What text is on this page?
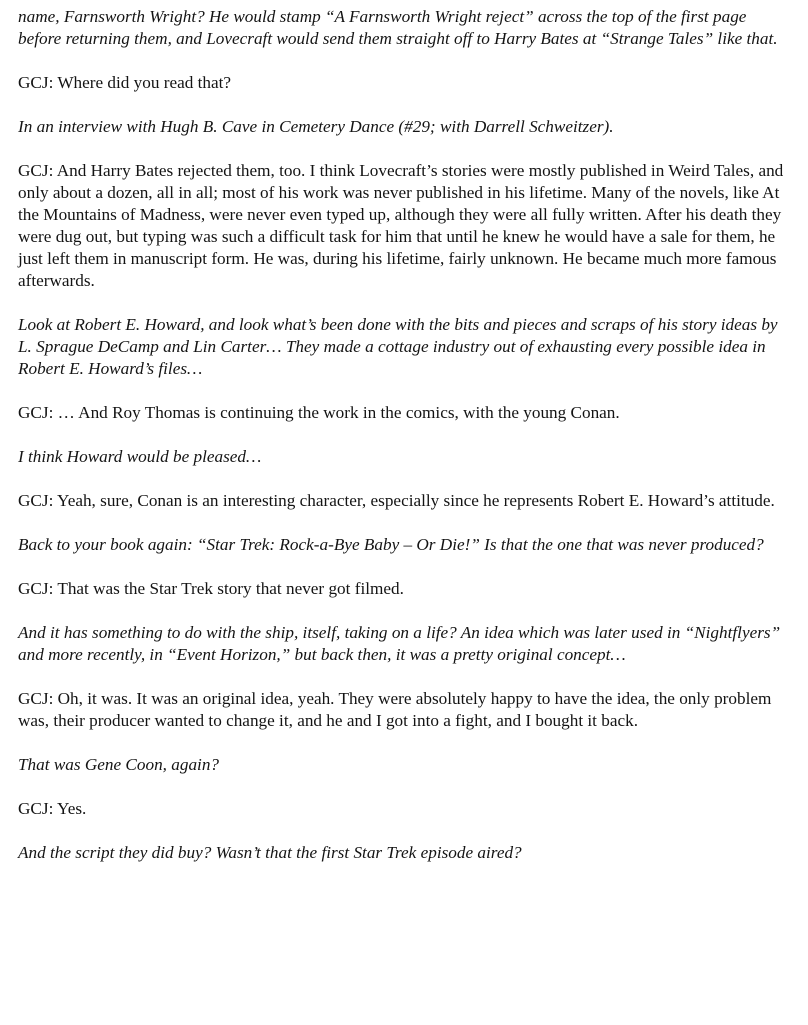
name, Farnsworth Wright? He would stamp “A Farnsworth Wright reject” across the top of the first page before returning them, and Lovecraft would send them straight off to Harry Bates at “Strange Tales” like that.

GCJ: Where did you read that?

In an interview with Hugh B. Cave in Cemetery Dance (#29; with Darrell Schweitzer).

GCJ: And Harry Bates rejected them, too. I think Lovecraft’s stories were mostly published in Weird Tales, and only about a dozen, all in all; most of his work was never published in his lifetime. Many of the novels, like At the Mountains of Madness, were never even typed up, although they were all fully written. After his death they were dug out, but typing was such a difficult task for him that until he knew he would have a sale for them, he just left them in manuscript form. He was, during his lifetime, fairly unknown. He became much more famous afterwards.

Look at Robert E. Howard, and look what’s been done with the bits and pieces and scraps of his story ideas by L. Sprague DeCamp and Lin Carter… They made a cottage industry out of exhausting every possible idea in Robert E. Howard’s files…

GCJ: … And Roy Thomas is continuing the work in the comics, with the young Conan.

I think Howard would be pleased…

GCJ: Yeah, sure, Conan is an interesting character, especially since he represents Robert E. Howard’s attitude.

Back to your book again: “Star Trek: Rock-a-Bye Baby – Or Die!” Is that the one that was never produced?

GCJ: That was the Star Trek story that never got filmed.

And it has something to do with the ship, itself, taking on a life? An idea which was later used in “Nightflyers” and more recently, in “Event Horizon,” but back then, it was a pretty original concept…

GCJ: Oh, it was. It was an original idea, yeah. They were absolutely happy to have the idea, the only problem was, their producer wanted to change it, and he and I got into a fight, and I bought it back.

That was Gene Coon, again?

GCJ: Yes.

And the script they did buy? Wasn’t that the first Star Trek episode aired?
